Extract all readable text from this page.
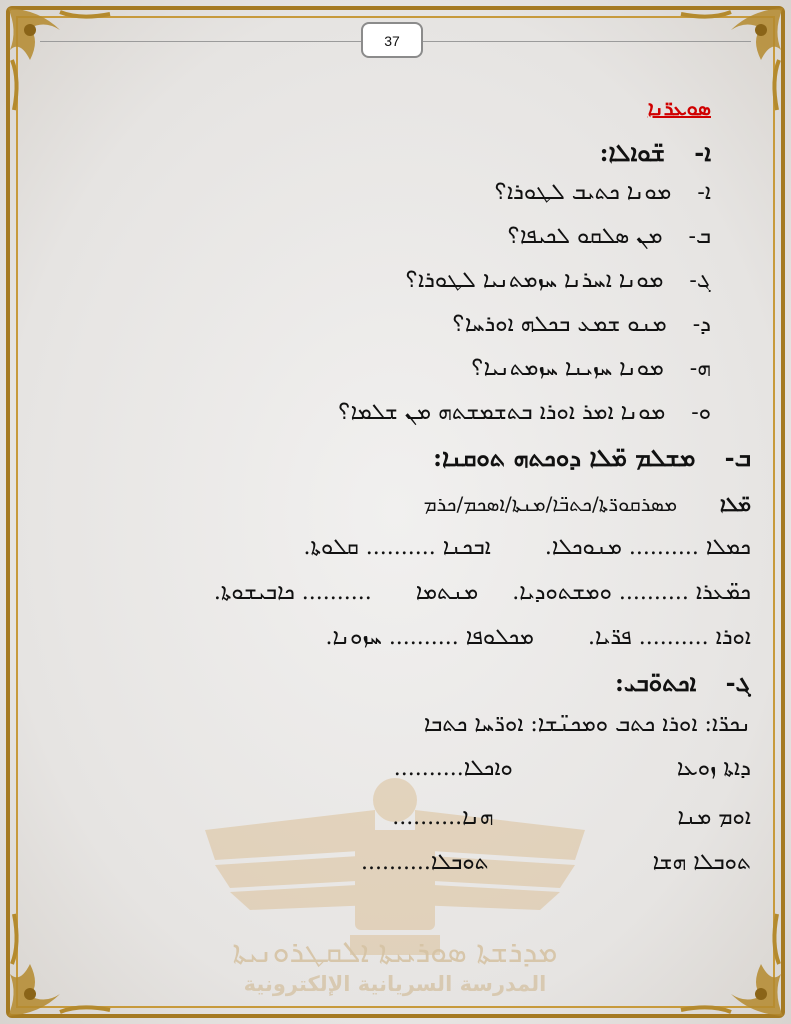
37
ܡܕܪܫܬܐ ܣܘܪܝܝܬܐ ܐܠܩܛܪܘܢܝܬܐ
المدرسة السريانية الإلكترونية
ܣܘܥܪ̈ܢܐ
ܐ-  ܫ̈ܘܐܠܐ:
ܐ-  ܡܘܢܐ ܟܬܝܒ ܠܛܘܪܐ؟
ܒ-  ܡܢ ܣܠܩܘ ܠܟܝܦܐ؟
ܓ-  ܡܘܢܐ ܐܚܪܢܐ ܚܙܡܬܢܝܐ ܠܛܘܪܐ؟
ܕ-  ܡܢܘ ܫܡܥ ܒܟܠܗ ܐܘܪܚܐ؟
ܗ-  ܡܘܢܐ ܚܙܝܢܐ ܚܙܡܬܢܝܐ؟
ܘ-  ܡܘܢܐ ܐܡܪ ܐܘܪܐ ܒܬܫܡܫܬܗ ܡܢ ܫܠܡܐ؟
ܒ-  ܡܫܠܡ ܡ̈ܠܐ ܕܘܟܬܗ ܬܘܩܢܐ:
ܡ̈ܠܐ  ܡܣܪܩܘܪ̈ܬܐ/ܟܬܒ̈ܐ/ܡܢܬܐ/ܐܣܟܡ/ܟܪܡ
ܟܡܠܐ .......... ܡܢܘܟܠܐ.  ܐܒܟܢܐ .......... ܩܠܘܬܐ.
ܟܡ̈ܥܪܐ .......... ܘܡܫܬܘܕܝܐ.  ܡܢܬܡܐ  .......... ܟܐܒܝܫܘܬܐ.
ܐܘܪܐ .......... ܦܪ̈ܝܐ.  ܡܟܠܘܦܐ .......... ܚܙܘܢܐ.
ܓ-  ܐܟܬܘ̈ܒܝ:
ܢܟܪ̈ܐ: ܐܘܪܐ ܟܬܒ ܘܡܟܢ̈ܫܐ: ܐܘܪ̈ܚܐ ܟܬܒܐ
ܕܐܬܐ ܙܘܥܐ  ܘܐܟܠܐ..........
ܐܘܡ ܡܢܐ  ܗܢܐ..........
ܬܘܒܠܐ ܗܫܐ  ܬܘܒܠܐ..........
